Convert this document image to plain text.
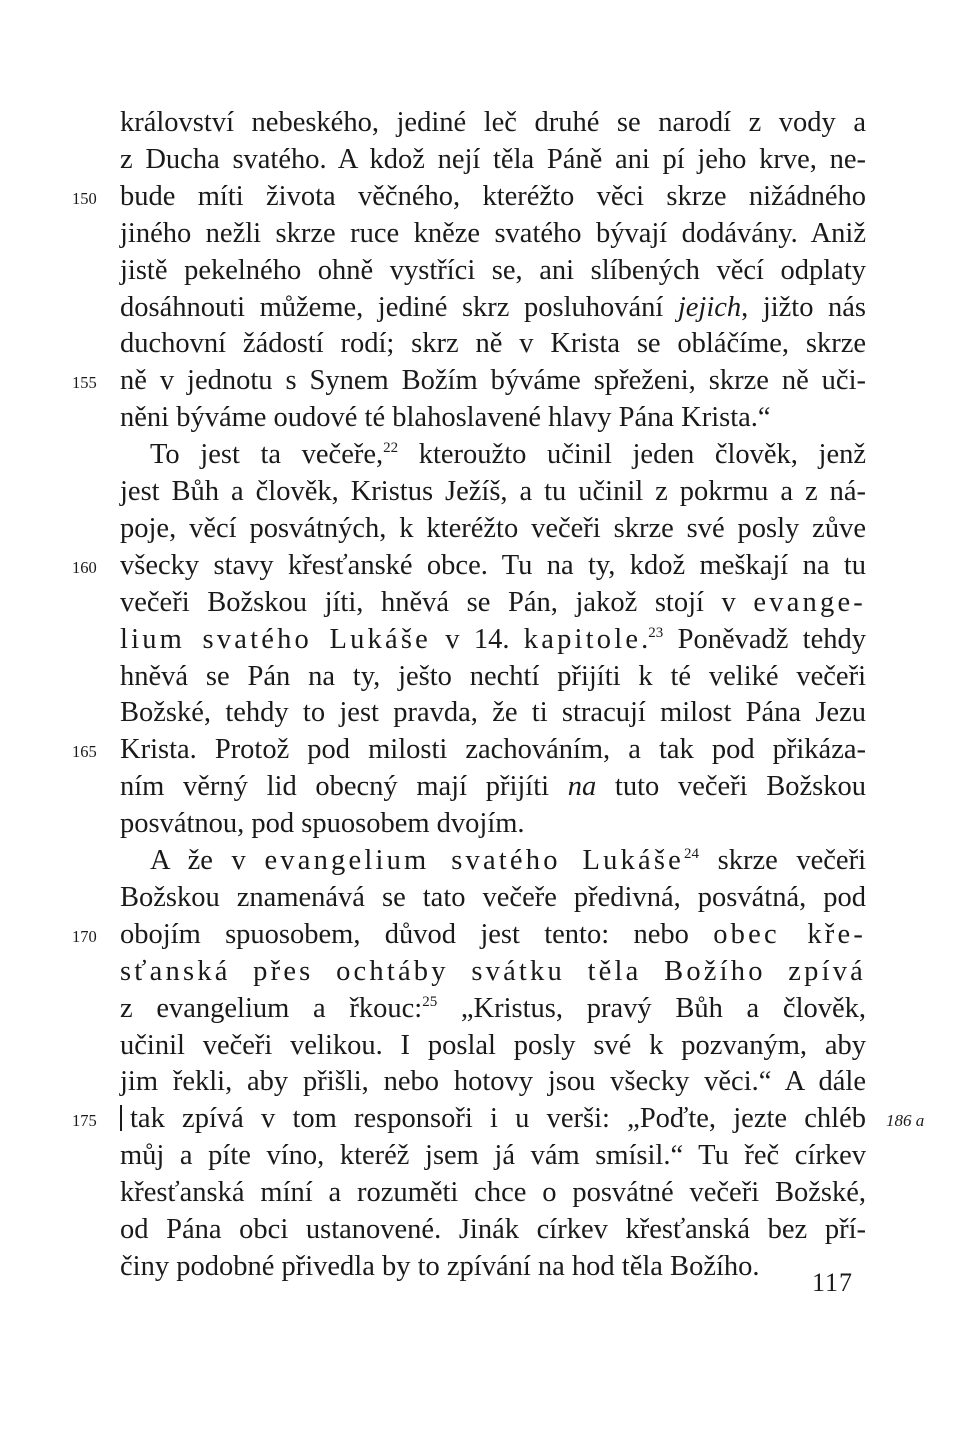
království nebeského, jediné leč druhé se narodí z vody a
z Ducha svatého. A kdož nejí těla Páně ani pí jeho krve, ne-
bude míti života věčného, kteréžto věci skrze nižádného
150
jiného nežli skrze ruce kněze svatého bývají dodávány. Aniž
jistě pekelného ohně vystříci se, ani slíbených věcí odplaty
dosáhnouti můžeme, jediné skrz posluhování jejich, jižto nás
duchovní žádostí rodí; skrz ně v Krista se obláčíme, skrze
ně v jednotu s Synem Božím býváme spřeženi, skrze ně uči-
155
něni býváme oudové té blahoslavené hlavy Pána Krista.“
To jest ta večeře,$^{22}$ kteroužto učinil jeden člověk, jenž
jest Bůh a člověk, Kristus Ježíš, a tu učinil z pokrmu a z ná-
poje, věcí posvátných, k kteréžto večeři skrze své posly zůve
všecky stavy křesťanské obce. Tu na ty, kdož meškají na tu
160
večeři Božskou jíti, hněvá se Pán, jakož stojí v evange-
lium svatého Lukáše v 14. kapitole.$^{23}$ Poněvadž tehdy
hněvá se Pán na ty, ješto nechtí přijíti k té veliké večeři
Božské, tehdy to jest pravda, že ti stracují milost Pána Jezu
Krista. Protož pod milosti zachováním, a tak pod přikáza-
165
ním věrný lid obecný mají přijíti na tuto večeři Božskou
posvátnou, pod spuosobem dvojím.
A že v evangelium svatého Lukáše$^{24}$ skrze večeři
Božskou znamenává se tato večeře předivná, posvátná, pod
obojím spuosobem, důvod jest tento: nebo obec kře-
170
sťanská přes ochtáby svátku těla Božího zpívá
z evangelium a řkouc:$^{25}$ „Kristus, pravý Bůh a člověk,
učinil večeři velikou. I poslal posly své k pozvaným, aby
jim řekli, aby přišli, nebo hotovy jsou všecky věci.“ A dále
tak zpívá v tom responsoři i u verši: „Poďte, jezte chléb
175	186 a
můj a píte víno, kteréž jsem já vám smísil.“ Tu řeč církev
křesťanská míní a rozuměti chce o posvátné večeři Božské,
od Pána obci ustanovené. Jinák církev křesťanská bez pří-
činy podobné přivedla by to zpívání na hod těla Božího.
117
